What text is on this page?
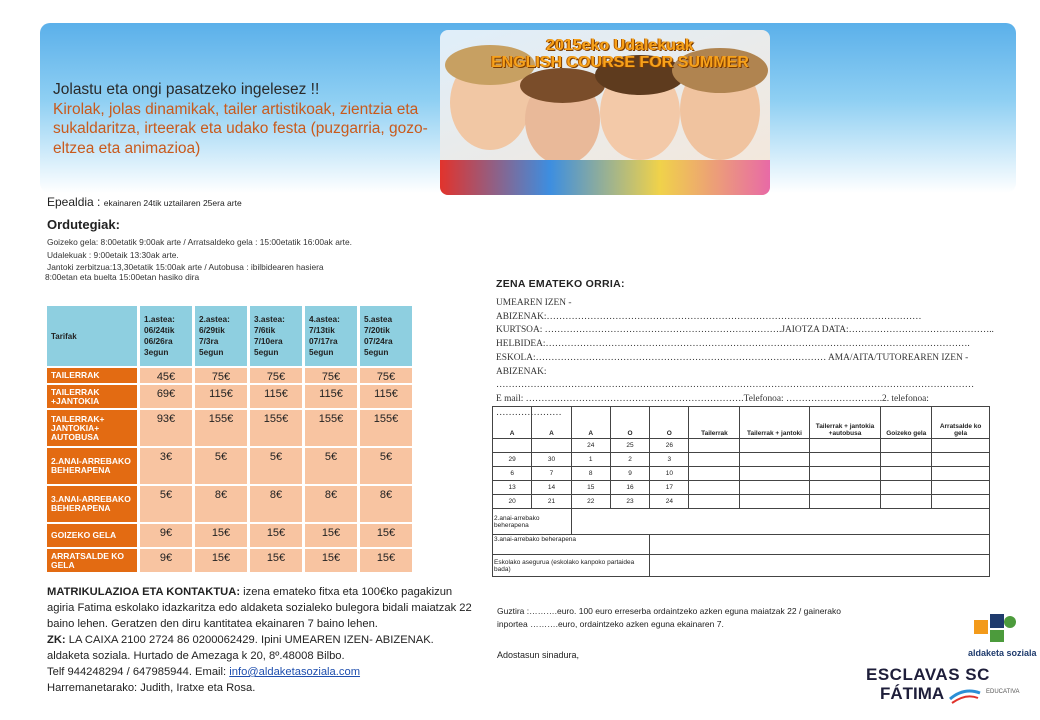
2015eko Udalekuak
ENGLISH COURSE FOR SUMMER
Jolastu eta ongi pasatzeko ingelesez !!
Kirolak, jolas dinamikak, tailer artistikoak, zientzia eta sukaldaritza, irteerak eta udako festa (puzgarria, gozo-eltzea eta animazioa)
Epealdia : ekainaren 24tik uztailaren 25era arte
Ordutegiak:
Goizeko gela: 8:00etatik 9:00ak arte / Arratsaldeko gela : 15:00etatik 16:00ak arte.
Udalekuak : 9:00etaik 13:30ak arte.
Jantoki zerbitzua:13,30etatik 15:00ak arte / Autobusa : ibilbidearen hasiera
8:00etan eta buelta 15:00etan hasiko dira
Tarifak	1.astea: 06/24tik 06/26ra 3egun	2.astea: 6/29tik 7/3ra 5egun	3.astea: 7/6tik 7/10era 5egun	4.astea: 7/13tik 07/17ra 5egun	5.astea 7/20tik 07/24ra 5egun
TAILERRAK	45€	75€	75€	75€	75€
TAILERRAK +JANTOKIA	69€	115€	115€	115€	115€
TAILERRAK+ JANTOKIA+ AUTOBUSA	93€	155€	155€	155€	155€
2.ANAI-ARREBAKO BEHERAPENA	3€	5€	5€	5€	5€
3.ANAI-ARREBAKO BEHERAPENA	5€	8€	8€	8€	8€
GOIZEKO GELA	9€	15€	15€	15€	15€
ARRATSALDE KO GELA	9€	15€	15€	15€	15€
MATRIKULAZIOA ETA KONTAKTUA: izena emateko fitxa eta 100€ko pagakizun agiria Fatima eskolako idazkaritza edo aldaketa sozialeko bulegora bidali maiatzak 22 baino lehen. Geratzen den diru kantitatea ekainaren 7 baino lehen.
ZK: LA CAIXA 2100 2724 86 0200062429. Ipini UMEAREN IZEN- ABIZENAK. aldaketa soziala. Hurtado de Amezaga k 20, 8º.48008 Bilbo.
Telf 944248294 / 647985944. Email: info@aldaketasoziala.com
Harremanetarako: Judith, Iratxe eta Rosa.
ZENA EMATEKO ORRIA:
UMEAREN IZEN -ABIZENAK:…………………………………………………………………………………………………………
KURTSOA: ………………………………………………………………….JAIOTZA DATA:………………………………………..
HELBIDEA:……………………………………………………………………………………………………………………….
ESKOLA:………………………………………………………………………………… AMA/AITA/TUTOREAREN IZEN -ABIZENAK:
………………………………………………………………………………………………………………………………………
E mail: …………………………………………………………….Telefonoa: ………………………….2. telefonoa: …………………
A	A	A	O	O	Tailerrak	Tailerrak + jantoki	Tailerrak + jantokia +autobusa	Goizeko gela	Arratsalde ko gela
		24	25	26					
29	30	1	2	3					
6	7	8	9	10					
13	14	15	16	17					
20	21	22	23	24					
2.anai-arrebako beherapena									
3.anai-arrebako beherapena									
Eskolako asegurua (eskolako kanpoko partaidea bada)									
Guztira :……….euro. 100 euro erreserba ordaintzeko azken eguna maiatzak 22 / gainerako
inportea ……….euro, ordaintzeko azken eguna ekainaren 7.
Adostasun sinadura,	aldaketa soziala
ESCLAVAS SC
FÁTIMA	EDUCATIVA
